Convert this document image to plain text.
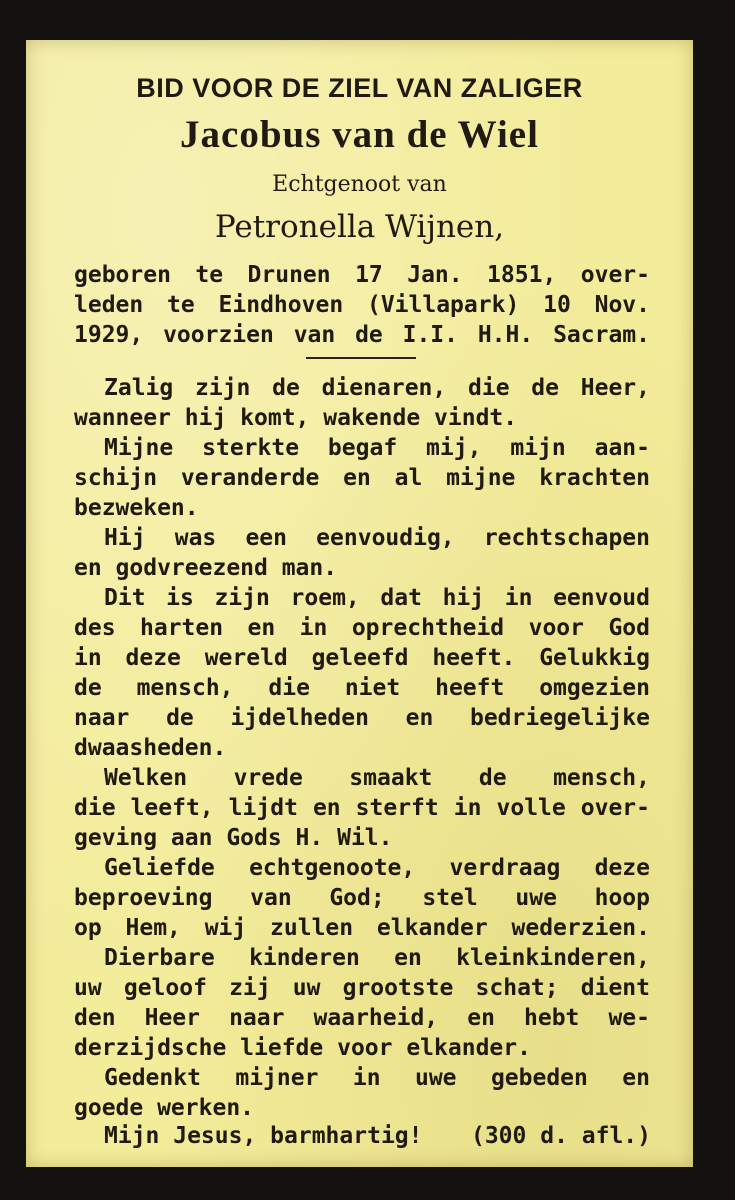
BID VOOR DE ZIEL VAN ZALIGER
Jacobus van de Wiel
Echtgenoot van
Petronella Wijnen,
geboren te Drunen 17 Jan. 1851, over-
leden te Eindhoven (Villapark) 10 Nov.
1929, voorzien van de I.I. H.H. Sacram.
Zalig zijn de dienaren, die de Heer,
wanneer hij komt, wakende vindt.
Mijne sterkte begaf mij, mijn aan-
schijn veranderde en al mijne krachten
bezweken.
Hij was een eenvoudig, rechtschapen
en godvreezend man.
Dit is zijn roem, dat hij in eenvoud
des harten en in oprechtheid voor God
in deze wereld geleefd heeft. Gelukkig
de mensch, die niet heeft omgezien
naar de ijdelheden en bedriegelijke
dwaasheden.
Welken vrede smaakt de mensch,
die leeft, lijdt en sterft in volle over-
geving aan Gods H. Wil.
Geliefde echtgenoote, verdraag deze
beproeving van God; stel uwe hoop
op Hem, wij zullen elkander wederzien.
Dierbare kinderen en kleinkinderen,
uw geloof zij uw grootste schat; dient
den Heer naar waarheid, en hebt we-
derzijdsche liefde voor elkander.
Gedenkt mijner in uwe gebeden en
goede werken.
Mijn Jesus, barmhartig! (300 d. afl.)
